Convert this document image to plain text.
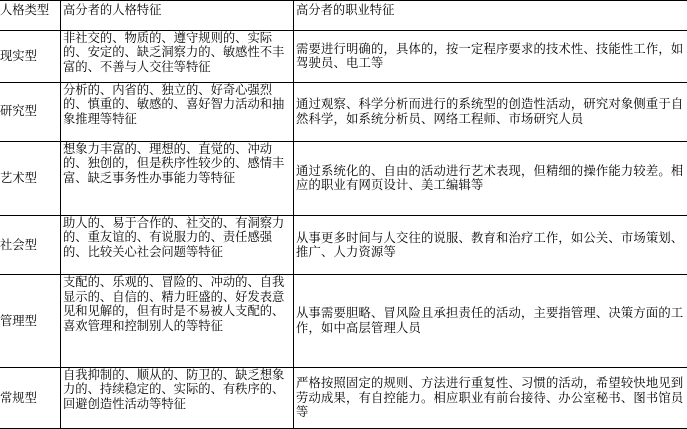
人格类型	高分者的人格特征	高分者的职业特征
现实型	非社交的、物质的、遵守规则的、实际的、安定的、缺乏洞察力的、敏感性不丰富的、不善与人交往等特征	需要进行明确的，具体的，按一定程序要求的技术性、技能性工作，如驾驶员、电工等
研究型	分析的、内省的、独立的、好奇心强烈的、慎重的、敏感的、喜好智力活动和抽象推理等特征	通过观察、科学分析而进行的系统型的创造性活动，研究对象侧重于自然科学，如系统分析员、网络工程师、市场研究人员
艺术型	想象力丰富的、理想的、直觉的、冲动的、独创的，但是秩序性较少的、感情丰富、缺乏事务性办事能力等特征	通过系统化的、自由的活动进行艺术表现，但精细的操作能力较差。相应的职业有网页设计、美工编辑等
社会型	助人的、易于合作的、社交的、有洞察力的、重友谊的、有说服力的、责任感强的、比较关心社会问题等特征	从事更多时间与人交往的说服、教育和治疗工作，如公关、市场策划、推广、人力资源等
管理型	支配的、乐观的、冒险的、冲动的、自我显示的、自信的、精力旺盛的、好发表意见和见解的，但有时是不易被人支配的、喜欢管理和控制别人的等特征	从事需要胆略、冒风险且承担责任的活动，主要指管理、决策方面的工作，如中高层管理人员
常规型	自我抑制的、顺从的、防卫的、缺乏想象力的、持续稳定的、实际的、有秩序的、回避创造性活动等特征	严格按照固定的规则、方法进行重复性、习惯的活动，希望较快地见到劳动成果，有自控能力。相应职业有前台接待、办公室秘书、图书馆员等
